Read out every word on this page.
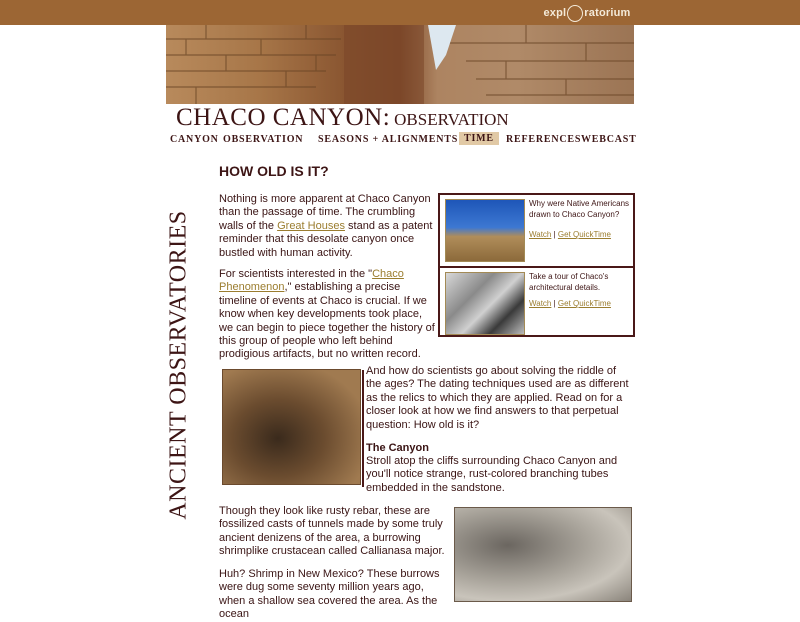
expl ratorium
CHACO CANYON: OBSERVATION
CANYON OBSERVATION SEASONS + ALIGNMENTS TIME	REFERENCES WEBCAST
ANCIENT OBSERVATORIES
HOW OLD IS IT?
Nothing is more apparent at Chaco Canyon than the passage of time. The crumbling walls of the Great Houses stand as a patent reminder that this desolate canyon once bustled with human activity.
For scientists interested in the "Chaco Phenomenon," establishing a precise timeline of events at Chaco is crucial. If we know when key developments took place, we can begin to piece together the history of this group of people who left behind prodigious artifacts, but no written record.
Why were Native Americans drawn to Chaco Canyon?
Watch | Get QuickTime
Take a tour of Chaco's architectural details.
Watch | Get QuickTime
And how do scientists go about solving the riddle of the ages? The dating techniques used are as different as the relics to which they are applied. Read on for a closer look at how we find answers to that perpetual question: How old is it?
The Canyon
Stroll atop the cliffs surrounding Chaco Canyon and you'll notice strange, rust-colored branching tubes embedded in the sandstone.
Though they look like rusty rebar, these are fossilized casts of tunnels made by some truly ancient denizens of the area, a burrowing shrimplike crustacean called Callianasa major.
Huh? Shrimp in New Mexico? These burrows were dug some seventy million years ago, when a shallow sea covered the area. As the ocean
